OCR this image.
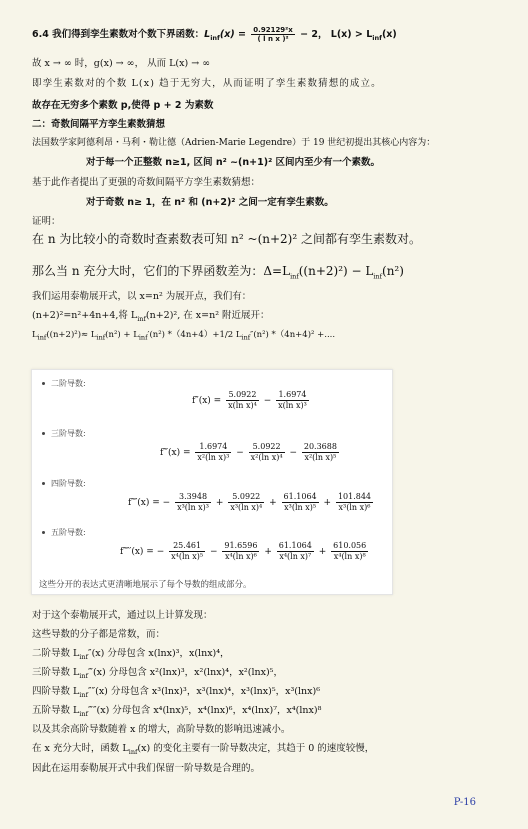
6.4 我们得到孪生素数对个数下界函数：$L_{inf}(x) = \frac{\text{0.92129²x}}{\text{( l n x )²}} - 2$， $L(x) > L_{inf}(x)$
故 x → ∞ 时，g(x) → ∞， 从而 L(x) → ∞
即孪生素数对的个数 L(x) 趋于无穷大，从而证明了孪生素数猜想的成立。
故存在无穷多个素数 p,使得 p + 2 为素数
二：奇数间隔平方孪生素数猜想
法国数学家阿德利昂・马利・勒让德（Adrien-Marie Legendre）于 19 世纪初提出其核心内容为：
对于每一个正整数 n≥1, 区间 n² ~(n+1)² 区间内至少有一个素数。
基于此作者提出了更强的奇数间隔平方孪生素数猜想：
对于奇数 n≥ 1，在 n² 和 (n+2)² 之间一定有孪生素数。
证明：
在 n 为比较小的奇数时查素数表可知 n² ~(n+2)² 之间都有孪生素数对。
那么当 n 充分大时，它们的下界函数差为：$\Delta=L_{inf}((n+2)^2) - L_{inf}(n^2)$
我们运用泰勒展开式，以 x=n² 为展开点，我们有：
(n+2)²=n²+4n+4,将 $L_{inf}(n+2)^2$, 在 x=n² 附近展开：
$L_{inf}((n+2)^2)\approx L_{inf}(n^2) + L_{inf}'(n^2)$ *（4n+4）+1/2 $L_{inf}''(n^2)$ *（4n+4)² +....
二阶导数:
$f''(x) = \frac{5.0922}{\text{x(ln x)⁴}} - \frac{1.6974}{\text{x(ln x)³}}$
三阶导数:
f‴(x) = $\frac{1.6974}{\text{x²(ln x)³}} - \frac{5.0922}{\text{x²(ln x)⁴}} - \frac{20.3688}{\text{x²(ln x)⁵}}$
四阶导数:
f⁗(x) = − $\frac{3.3948}{\text{x³(ln x)³}} + \frac{5.0922}{\text{x³(ln x)⁴}} + \frac{61.1064}{\text{x³(ln x)⁵}} + \frac{101.844}{\text{x³(ln x)⁶}}$
五阶导数:
f⁗′(x) = − $\frac{25.461}{\text{x⁴(ln x)⁵}} - \frac{91.6596}{\text{x⁴(ln x)⁶}} + \frac{61.1064}{\text{x⁴(ln x)⁷}} + \frac{610.056}{\text{x⁴(ln x)⁸}}$
这些分开的表达式更清晰地展示了每个导数的组成部分。
对于这个泰勒展开式，通过以上计算发现：
这些导数的分子都是常数，而：
二阶导数 $L_{inf}''(x)$ 分母包含 x(lnx)³，x(lnx)⁴，
三阶导数 $L_{inf}‴(x)$ 分母包含 x²(lnx)³，x²(lnx)⁴，x²(lnx)⁵，
四阶导数 $L_{inf}''''(x)$ 分母包含 x³(lnx)³，x³(lnx)⁴，x³(lnx)⁵，x³(lnx)⁶
五阶导数 $L_{inf}‴''(x)$ 分母包含 x⁴(lnx)⁵，x⁴(lnx)⁶，x⁴(lnx)⁷，x⁴(lnx)⁸
以及其余高阶导数随着 x 的增大，高阶导数的影响迅速减小。
在 x 充分大时，函数 $L_{inf}(x)$ 的变化主要有一阶导数决定，其趋于 0 的速度较慢，
因此在运用泰勒展开式中我们保留一阶导数是合理的。
P-16
